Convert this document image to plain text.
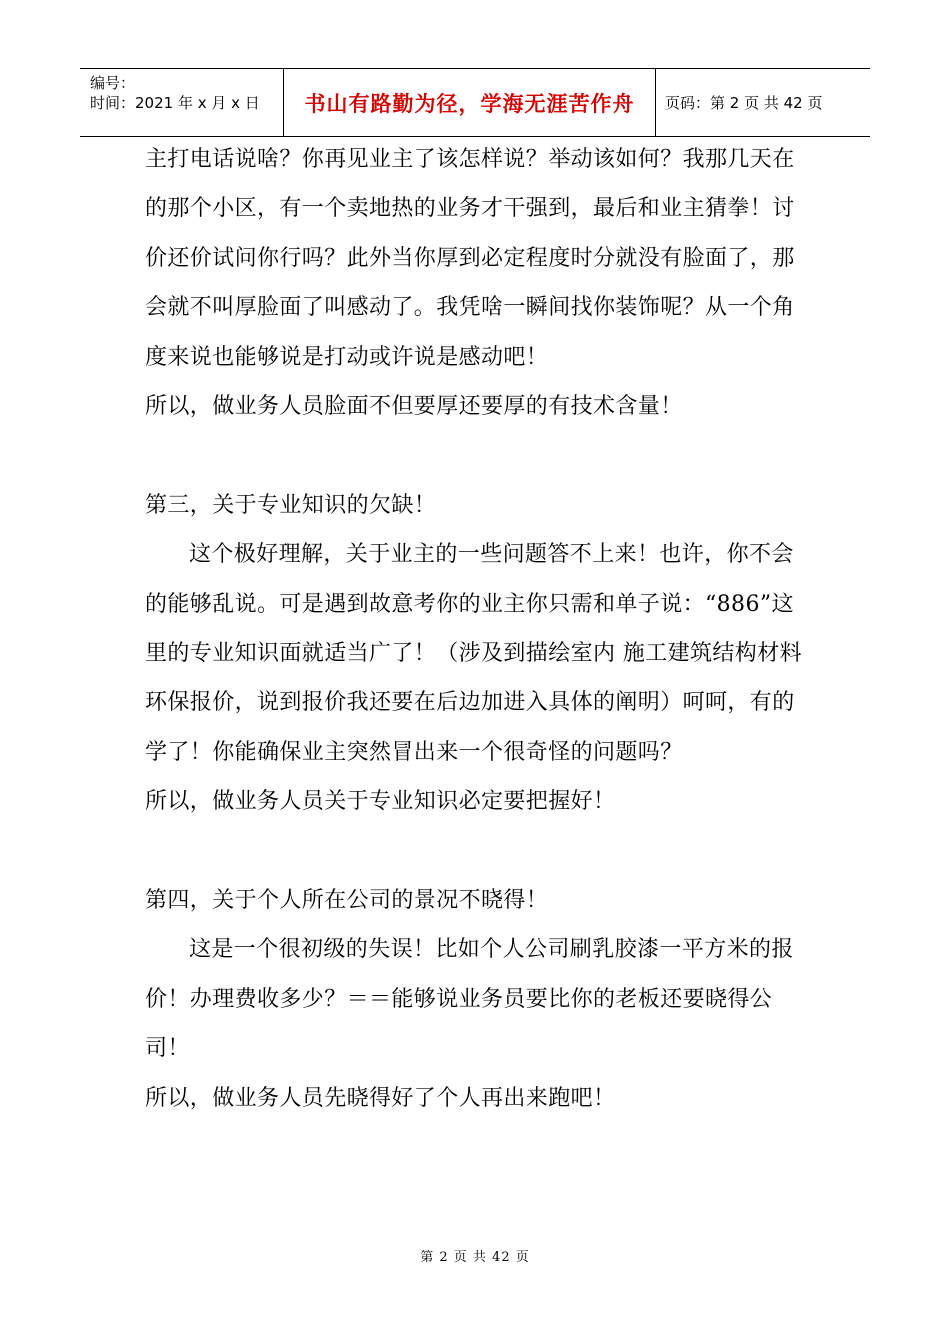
编号：
时间：2021 年 x 月 x 日	书山有路勤为径，学海无涯苦作舟	页码：第 2 页 共 42 页

主打电话说啥？你再见业主了该怎样说？举动该如何？我那几天在的那个小区，有一个卖地热的业务才干强到，最后和业主猜拳！讨价还价试问你行吗？此外当你厚到必定程度时分就没有脸面了，那会就不叫厚脸面了叫感动了。我凭啥一瞬间找你装饰呢？从一个角度来说也能够说是打动或许说是感动吧！

所以，做业务人员脸面不但要厚还要厚的有技术含量！

第三，关于专业知识的欠缺！

这个极好理解，关于业主的一些问题答不上来！也许，你不会的能够乱说。可是遇到故意考你的业主你只需和单子说：“886”这里的专业知识面就适当广了！（涉及到描绘室内 施工建筑结构材料环保报价，说到报价我还要在后边加进入具体的阐明）呵呵，有的学了！你能确保业主突然冒出来一个很奇怪的问题吗？

所以，做业务人员关于专业知识必定要把握好！

第四，关于个人所在公司的景况不晓得！

这是一个很初级的失误！比如个人公司刷乳胶漆一平方米的报价！办理费收多少？＝＝能够说业务员要比你的老板还要晓得公司！

所以，做业务人员先晓得好了个人再出来跑吧！

第 2 页 共 42 页
